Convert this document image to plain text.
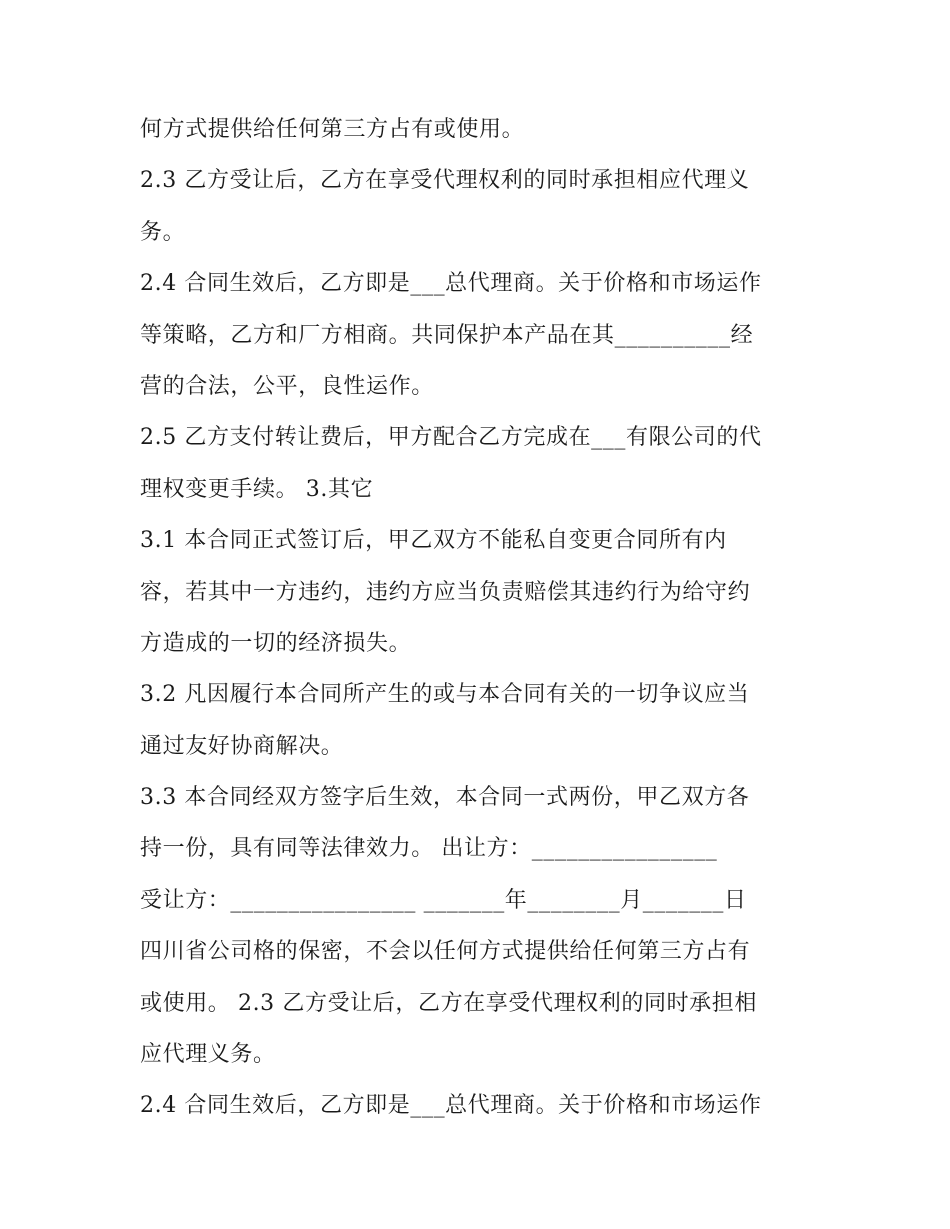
何方式提供给任何第三方占有或使用。
2.3 乙方受让后，乙方在享受代理权利的同时承担相应代理义
务。
2.4 合同生效后，乙方即是___总代理商。关于价格和市场运作
等策略，乙方和厂方相商。共同保护本产品在其__________经
营的合法，公平，良性运作。
2.5 乙方支付转让费后，甲方配合乙方完成在___有限公司的代
理权变更手续。 3.其它
3.1 本合同正式签订后，甲乙双方不能私自变更合同所有内
容，若其中一方违约，违约方应当负责赔偿其违约行为给守约
方造成的一切的经济损失。
3.2 凡因履行本合同所产生的或与本合同有关的一切争议应当
通过友好协商解决。
3.3 本合同经双方签字后生效，本合同一式两份，甲乙双方各
持一份，具有同等法律效力。 出让方：________________
受让方：________________ _______年________月_______日
四川省公司格的保密，不会以任何方式提供给任何第三方占有
或使用。 2.3 乙方受让后，乙方在享受代理权利的同时承担相
应代理义务。
2.4 合同生效后，乙方即是___总代理商。关于价格和市场运作
